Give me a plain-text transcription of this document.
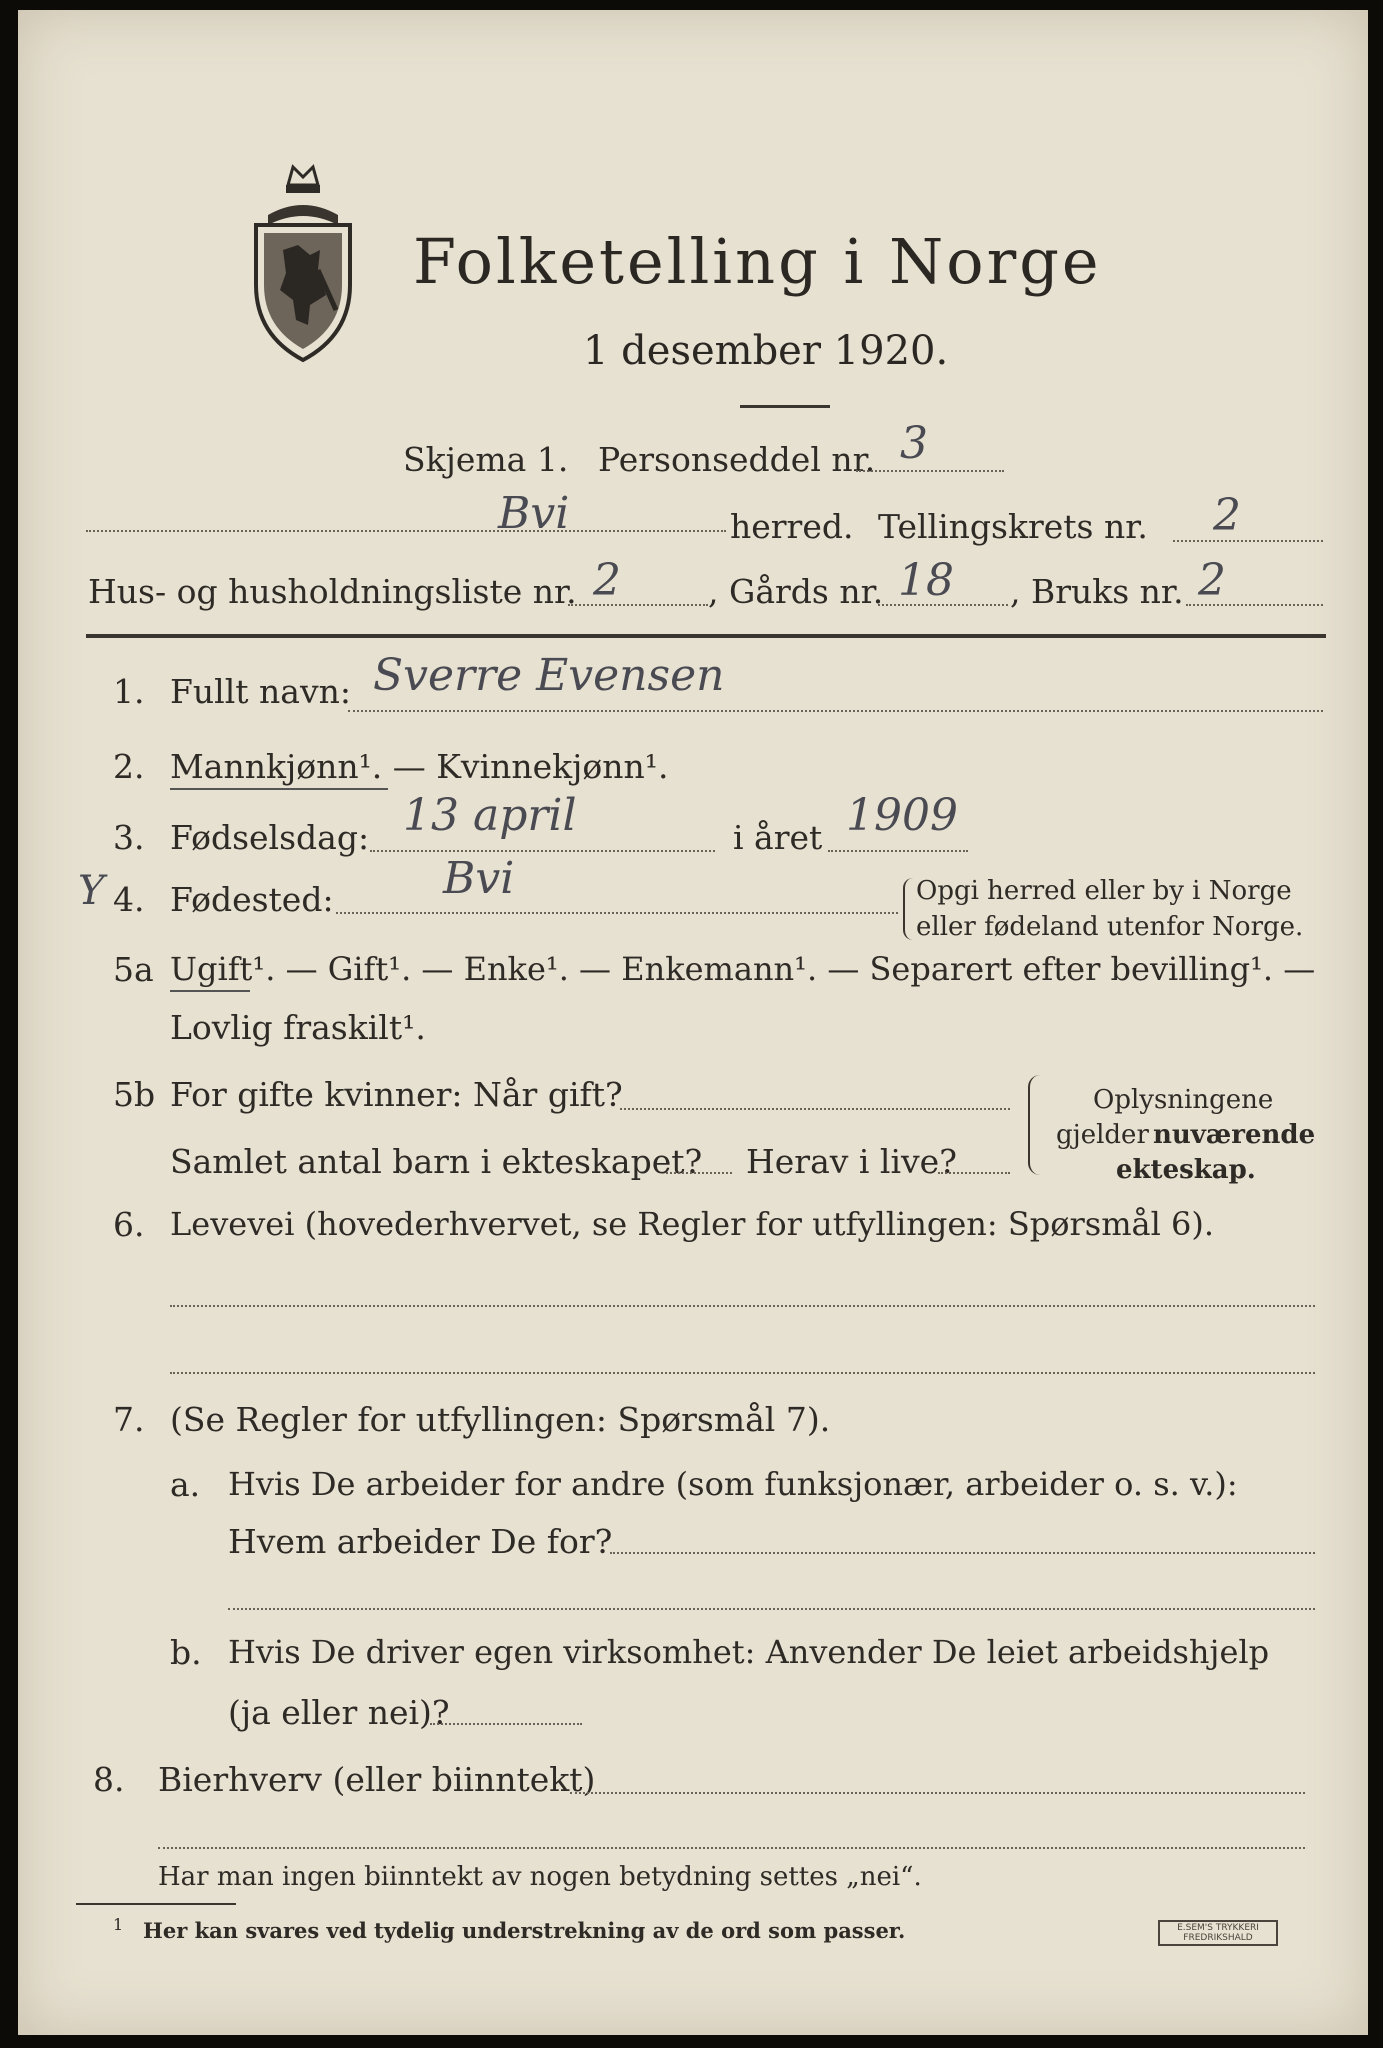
Folketelling i Norge
1 desember 1920.
Skjema 1. Personseddel nr. 3
Bvi	herred. Tellingskrets nr. 2
Hus- og husholdningsliste nr. 2	, Gårds nr. 18 , Bruks nr. 2
1. Fullt navn: Sverre Evensen
2. Mannkjønn¹. — Kvinnekjønn¹.
3. Fødselsdag: 13 april	i året 1909
Y 4. Fødested: Bvi	Opgi herred eller by i Norge
eller fødeland utenfor Norge.
5a Ugift¹. — Gift¹. — Enke¹. — Enkemann¹. — Separert efter bevilling¹. —
Lovlig fraskilt¹.
5b For gifte kvinner: Når gift?
Samlet antal barn i ekteskapet? Herav i live?
Oplysningene
gjelder nuværende
ekteskap.
6. Levevei (hovederhvervet, se Regler for utfyllingen: Spørsmål 6).
7. (Se Regler for utfyllingen: Spørsmål 7).
a. Hvis De arbeider for andre (som funksjonær, arbeider o. s. v.):
Hvem arbeider De for?
b. Hvis De driver egen virksomhet: Anvender De leiet arbeidshjelp
(ja eller nei)?
8. Bierhverv (eller biinntekt)
Har man ingen biinntekt av nogen betydning settes „nei“.
1 Her kan svares ved tydelig understrekning av de ord som passer.	E.SEM'S TRYKKERI
FREDRIKSHALD
